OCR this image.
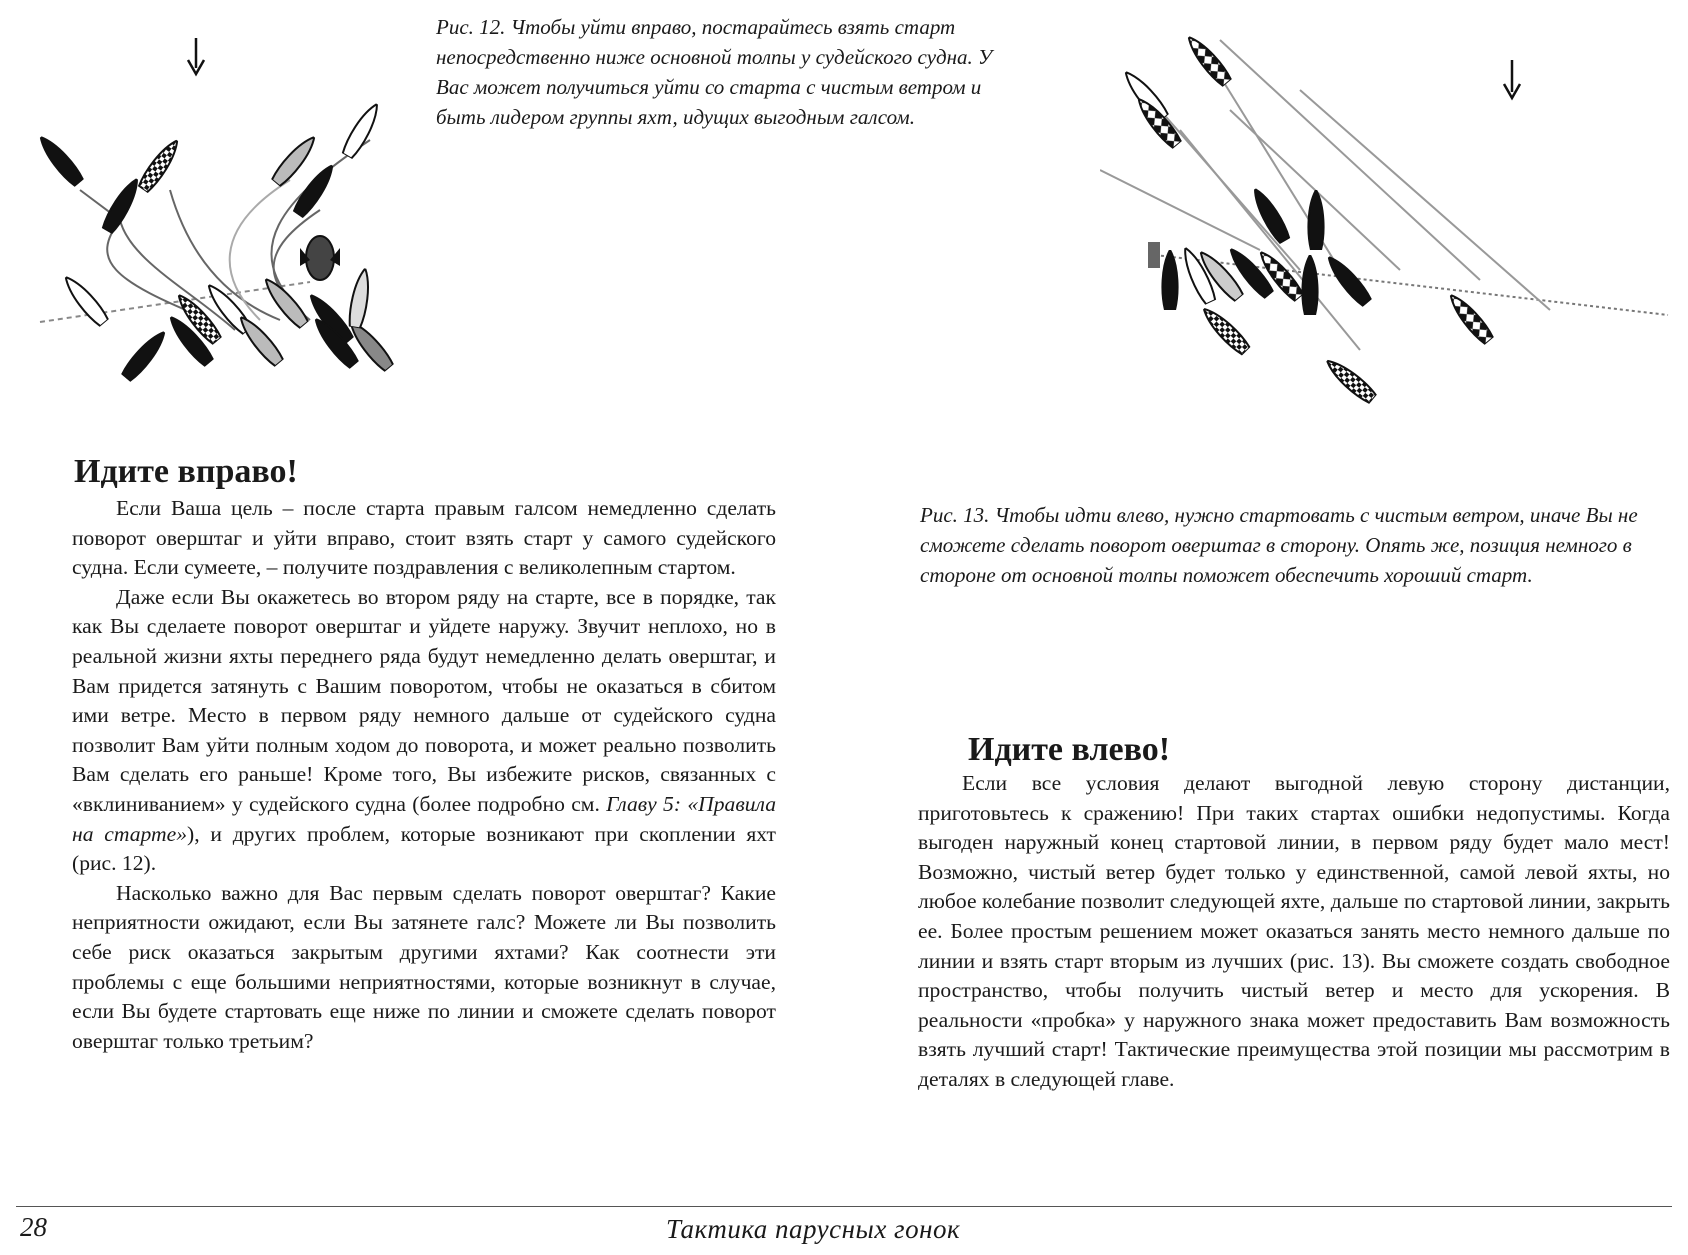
Рис. 12. Чтобы уйти вправо, постарайтесь взять старт непосредственно ниже основной толпы у судейского судна. У Вас может получиться уйти со старта с чистым ветром и быть лидером группы яхт, идущих выгодным галсом.

Рис. 13. Чтобы идти влево, нужно стартовать с чистым ветром, иначе Вы не сможете сделать поворот оверштаг в сторону. Опять же, позиция немного в стороне от основной толпы поможет обеспечить хороший старт.

Идите вправо!

Если Ваша цель – после старта правым галсом немедленно сделать поворот оверштаг и уйти вправо, стоит взять старт у самого судейского судна. Если сумеете, – получите поздравления с великолепным стартом.

Даже если Вы окажетесь во втором ряду на старте, все в порядке, так как Вы сделаете поворот оверштаг и уйдете наружу. Звучит неплохо, но в реальной жизни яхты переднего ряда будут немедленно делать оверштаг, и Вам придется затянуть с Вашим поворотом, чтобы не оказаться в сбитом ими ветре. Место в первом ряду немного дальше от судейского судна позволит Вам уйти полным ходом до поворота, и может реально позволить Вам сделать его раньше! Кроме того, Вы избежите рисков, связанных с «вклиниванием» у судейского судна (более подробно см. Главу 5: «Правила на старте»), и других проблем, которые возникают при скоплении яхт (рис. 12).

Насколько важно для Вас первым сделать поворот оверштаг? Какие неприятности ожидают, если Вы затянете галс? Можете ли Вы позволить себе риск оказаться закрытым другими яхтами? Как соотнести эти проблемы с еще большими неприятностями, которые возникнут в случае, если Вы будете стартовать еще ниже по линии и сможете сделать поворот оверштаг только третьим?

Идите влево!

Если все условия делают выгодной левую сторону дистанции, приготовьтесь к сражению! При таких стартах ошибки недопустимы. Когда выгоден наружный конец стартовой линии, в первом ряду будет мало мест! Возможно, чистый ветер будет только у единственной, самой левой яхты, но любое колебание позволит следующей яхте, дальше по стартовой линии, закрыть ее. Более простым решением может оказаться занять место немного дальше по линии и взять старт вторым из лучших (рис. 13). Вы сможете создать свободное пространство, чтобы получить чистый ветер и место для ускорения. В реальности «пробка» у наружного знака может предоставить Вам возможность взять лучший старт! Тактические преимущества этой позиции мы рассмотрим в деталях в следующей главе.

28	Тактика парусных гонок
